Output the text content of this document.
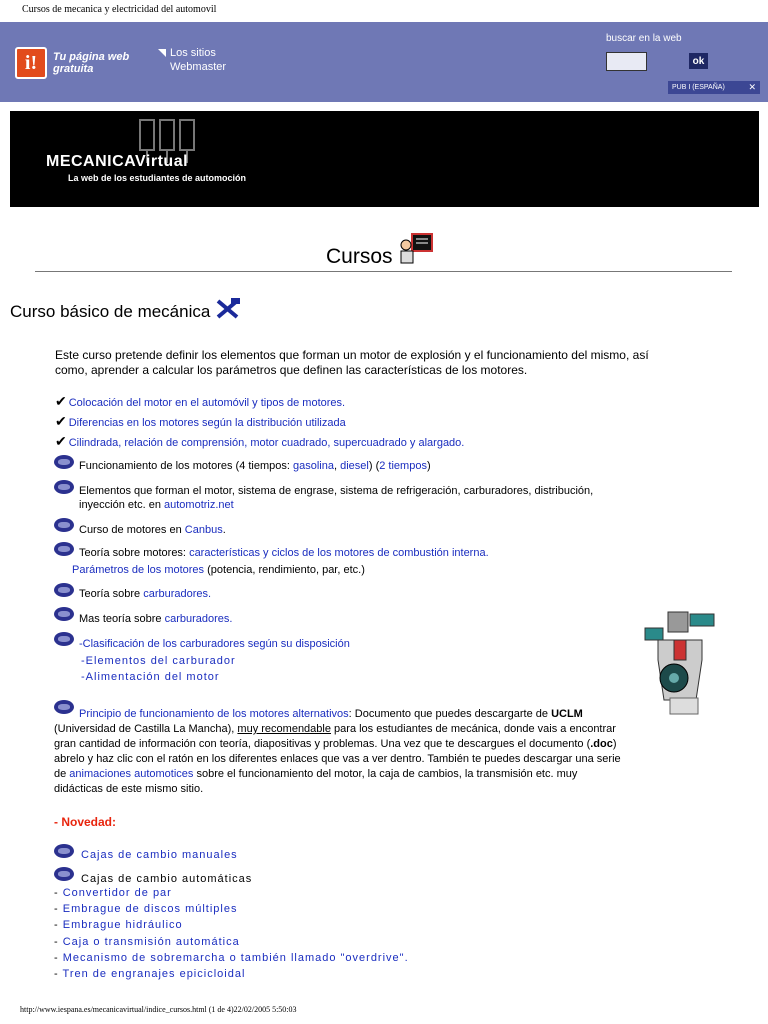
Cursos de mecanica y electricidad del automovil
i!	Tu página web gratuita
Los sitios
Webmaster
buscar en la web
ok
PUB I (ESPAÑA)	✕
MECANICAVirtual
La web de los estudiantes de automoción
Cursos
Curso básico de mecánica
Este curso pretende definir los elementos que forman un motor de explosión y el funcionamiento del mismo, así como, aprender a calcular los parámetros que definen las características de los motores.
✔ Colocación del motor en el automóvil y tipos de motores.
✔ Diferencias en los motores según la distribución utilizada
✔ Cilindrada, relación de comprensión, motor cuadrado, supercuadrado y alargado.
Funcionamiento de los motores (4 tiempos: gasolina, diesel) (2 tiempos)
Elementos que forman el motor, sistema de engrase, sistema de refrigeración, carburadores, distribución, inyección etc. en automotriz.net
Curso de motores en Canbus.
Teoría sobre motores: características y ciclos de los motores de combustión interna.
Parámetros de los motores (potencia, rendimiento, par, etc.)
Teoría sobre carburadores.
Mas teoría sobre carburadores.
-Clasificación de los carburadores según su disposición
-Elementos del carburador
-Alimentación del motor
Principio de funcionamiento de los motores alternativos: Documento que puedes descargarte de UCLM (Universidad de Castilla La Mancha), muy recomendable para los estudiantes de mecánica, donde vais a encontrar gran cantidad de información con teoría, diapositivas y problemas. Una vez que te descargues el documento (.doc) abrelo y haz clic con el ratón en los diferentes enlaces que vas a ver dentro. También te puedes descargar una serie de animaciones automotices sobre el funcionamiento del motor, la caja de cambios, la transmisión etc. muy didácticas de este mismo sitio.
- Novedad:
Cajas de cambio manuales
Cajas de cambio automáticas
- Convertidor de par
- Embrague de discos múltiples
- Embrague hidráulico
- Caja o transmisión automática
- Mecanismo de sobremarcha o también llamado "overdrive".
- Tren de engranajes epicicloidal
http://www.iespana.es/mecanicavirtual/indice_cursos.html (1 de 4)22/02/2005 5:50:03
